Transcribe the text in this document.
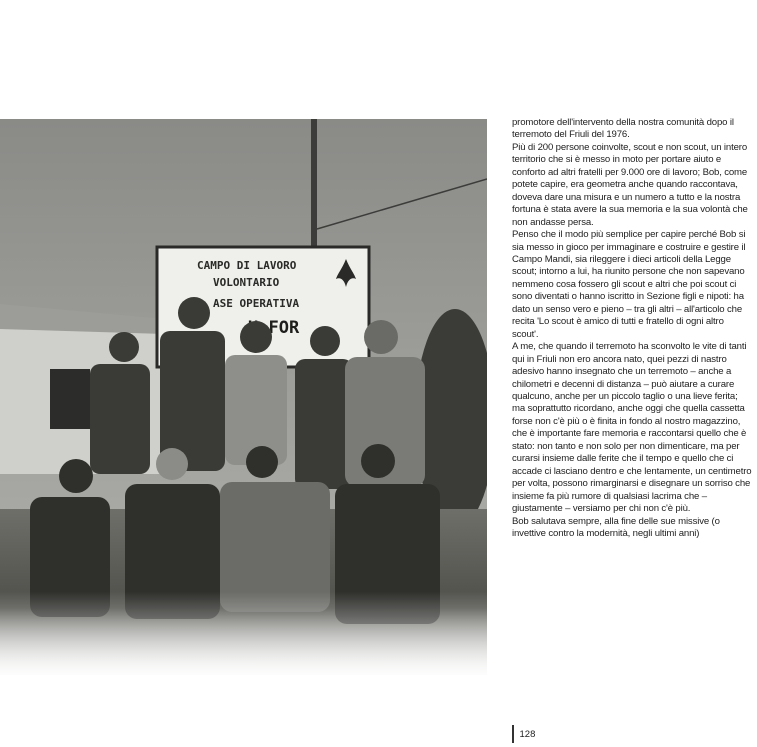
promotore dell'intervento della nostra comunità dopo il terremoto del Friuli del 1976.

Più di 200 persone coinvolte, scout e non scout, un intero territorio che si è messo in moto per portare aiuto e conforto ad altri fratelli per 9.000 ore di lavoro; Bob, come potete capire, era geometra anche quando raccontava, doveva dare una misura e un numero a tutto e la nostra fortuna è stata avere la sua memoria e la sua volontà che non andasse persa.

Penso che il modo più semplice per capire perché Bob si sia messo in gioco per immaginare e costruire e gestire il Campo Mandi, sia rileggere i dieci articoli della Legge scout; intorno a lui, ha riunito persone che non sapevano nemmeno cosa fossero gli scout e altri che poi scout ci sono diventati o hanno iscritto in Sezione figli e nipoti: ha dato un senso vero e pieno – tra gli altri – all'articolo che recita 'Lo scout è amico di tutti e fratello di ogni altro scout'.

A me, che quando il terremoto ha sconvolto le vite di tanti qui in Friuli non ero ancora nato, quei pezzi di nastro adesivo hanno insegnato che un terremoto – anche a chilometri e decenni di distanza – può aiutare a curare qualcuno, anche per un piccolo taglio o una lieve ferita; ma soprattutto ricordano, anche oggi che quella cassetta forse non c'è più o è finita in fondo al nostro magazzino, che è importante fare memoria e raccontarsi quello che è stato: non tanto e non solo per non dimenticare, ma per curarsi insieme dalle ferite che il tempo e quello che ci accade ci lasciano dentro e che lentamente, un centimetro per volta, possono rimarginarsi e disegnare un sorriso che insieme fa più rumore di qualsiasi lacrima che – giustamente – versiamo per chi non c'è più.

Bob salutava sempre, alla fine delle sue missive (o invettive contro la modernità, negli ultimi anni)

128
